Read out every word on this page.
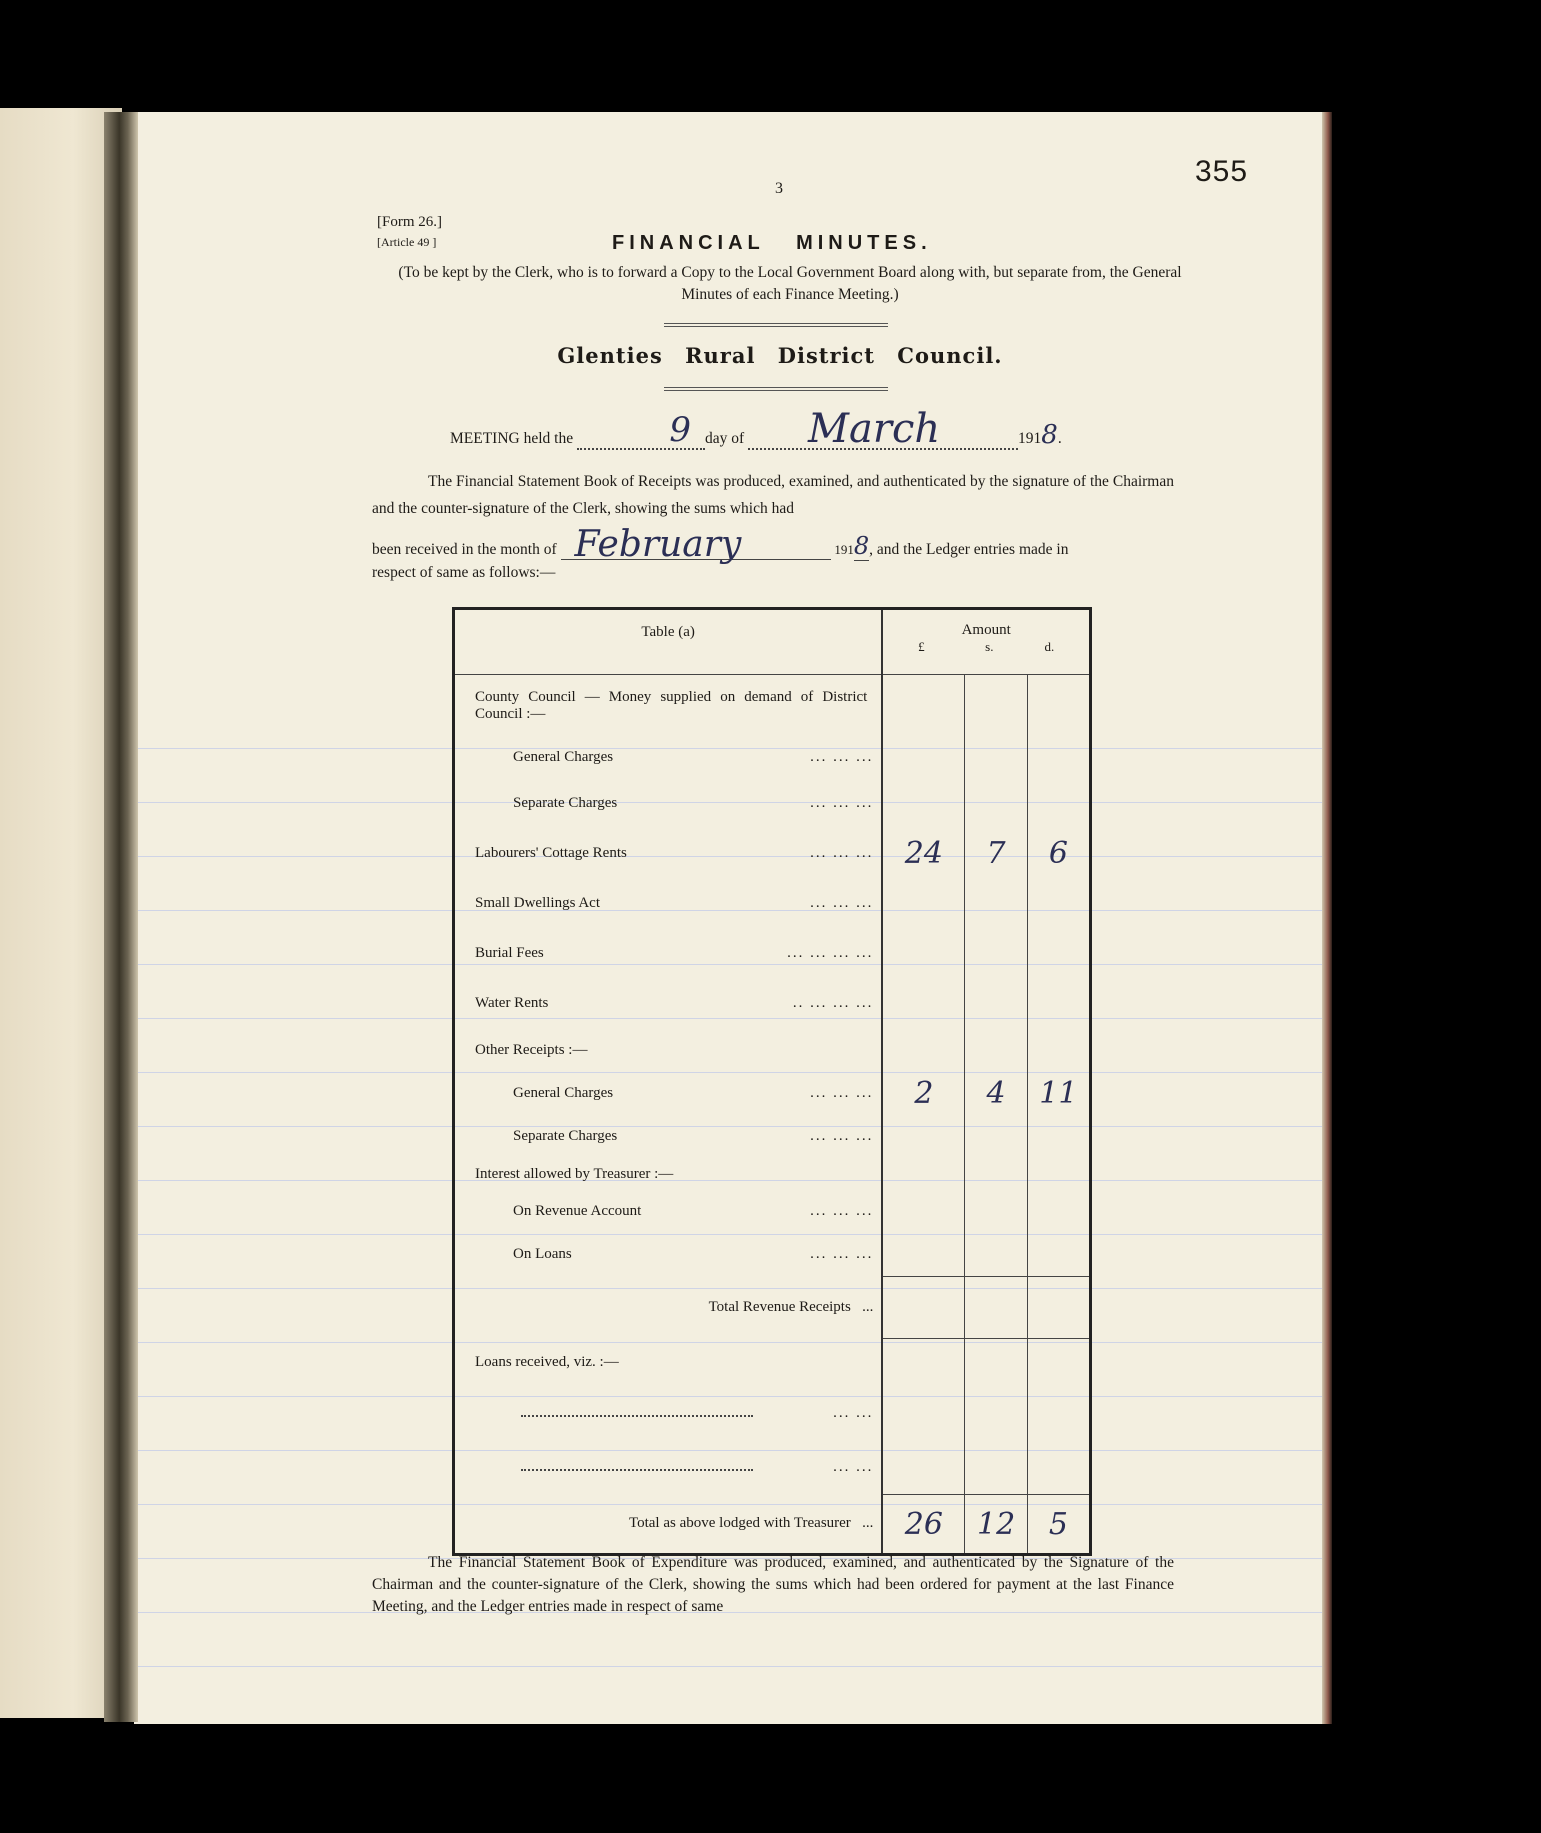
355
3
[Form 26.]
[Article 49 ]	FINANCIAL   MINUTES.
(To be kept by the Clerk, who is to forward a Copy to the Local Government Board along with, but separate from, the General Minutes of each Finance Meeting.)
Glenties Rural District Council.
MEETING held the	9 day of March	1918.
The Financial Statement Book of Receipts was produced, examined, and authenticated by the signature of the Chairman and the counter-signature of the Clerk, showing the sums which had
been received in the month of February	1918, and the Ledger entries made in
respect of same as follows:—
Table (a)	Amount
£ s. d.		

County Council — Money supplied on demand of District Council :—			
General Charges ... ... ...			

Separate Charges ... ... ...			

Labourers' Cottage Rents ... ... ...	24	7	6
Small Dwellings Act ... ... ...			

Burial Fees ... ... ... ...			

Water Rents .. ... ... ...			

Other Receipts :—			
General Charges ... ... ...	2	4	11
Separate Charges ... ... ...			

Interest allowed by Treasurer :—			
On Revenue Account ... ... ...			

On Loans ... ... ...			

Total Revenue Receipts ...			
Loans received, viz. :—			

... ...			

... ...			

Total as above lodged with Treasurer ...	26	12	5
The Financial Statement Book of Expenditure was produced, examined, and authenticated by the Signature of the Chairman and the counter-signature of the Clerk, showing the sums which had been ordered for payment at the last Finance Meeting, and the Ledger entries made in respect of same
